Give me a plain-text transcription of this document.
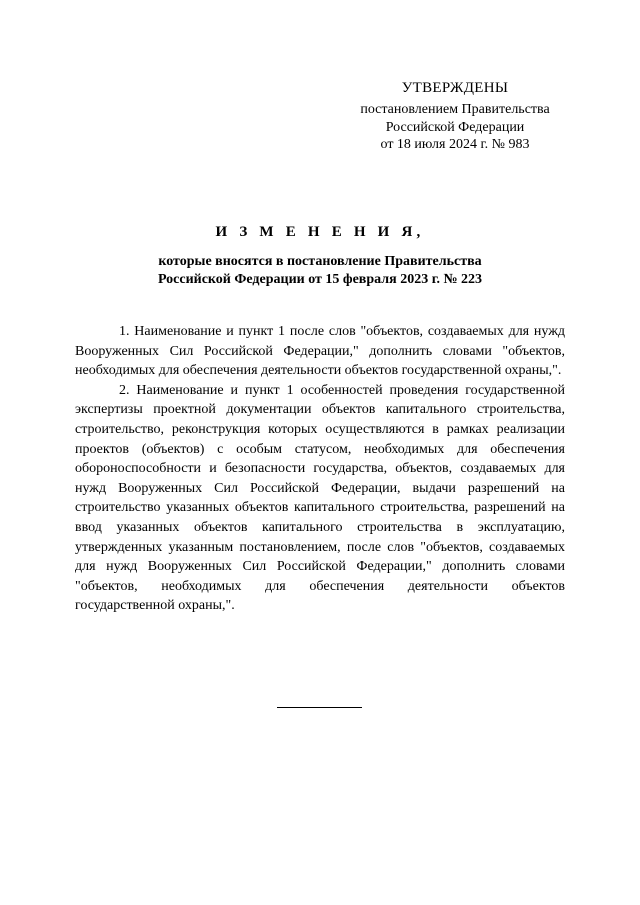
УТВЕРЖДЕНЫ
постановлением Правительства
Российской Федерации
от 18 июля 2024 г. № 983
И З М Е Н Е Н И Я,
которые вносятся в постановление Правительства
Российской Федерации от 15 февраля 2023 г. № 223

1. Наименование и пункт 1 после слов "объектов, создаваемых для нужд Вооруженных Сил Российской Федерации," дополнить словами "объектов, необходимых для обеспечения деятельности объектов государственной охраны,".

2. Наименование и пункт 1 особенностей проведения государственной экспертизы проектной документации объектов капитального строительства, строительство, реконструкция которых осуществляются в рамках реализации проектов (объектов) с особым статусом, необходимых для обеспечения обороноспособности и безопасности государства, объектов, создаваемых для нужд Вооруженных Сил Российской Федерации, выдачи разрешений на строительство указанных объектов капитального строительства, разрешений на ввод указанных объектов капитального строительства в эксплуатацию, утвержденных указанным постановлением, после слов "объектов, создаваемых для нужд Вооруженных Сил Российской Федерации," дополнить словами "объектов, необходимых для обеспечения деятельности объектов государственной охраны,".
